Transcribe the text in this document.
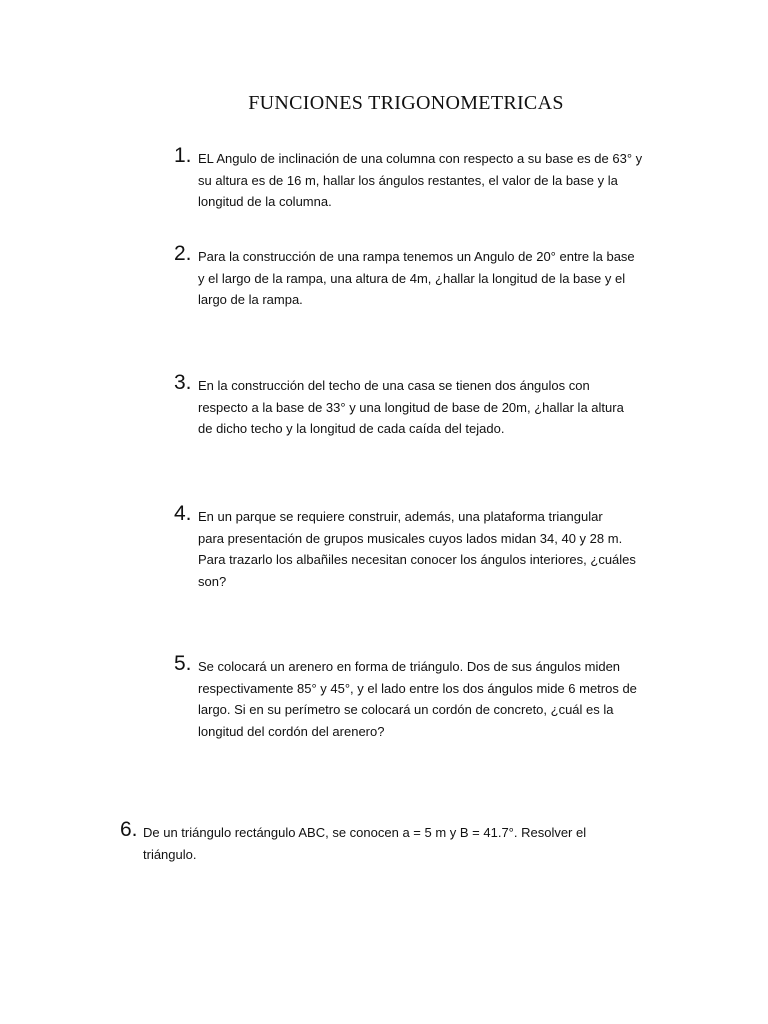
FUNCIONES TRIGONOMETRICAS
1. EL Angulo de inclinación de una columna con respecto a su base es de 63° y
su altura es de 16 m, hallar los ángulos restantes, el valor de la base y la
longitud de la columna.
2. Para la construcción de una rampa tenemos un Angulo de 20° entre la base
y el largo de la rampa, una altura de 4m, ¿hallar la longitud de la base y el
largo de la rampa.
3. En la construcción del techo de una casa se tienen dos ángulos con
respecto a la base de 33° y una longitud de base de 20m, ¿hallar la altura
de dicho techo y la longitud de cada caída del tejado.
4. En un parque se requiere construir, además, una plataforma triangular
para presentación de grupos musicales cuyos lados midan 34, 40 y 28 m.
Para trazarlo los albañiles necesitan conocer los ángulos interiores, ¿cuáles
son?
5. Se colocará un arenero en forma de triángulo. Dos de sus ángulos miden
respectivamente 85° y 45°, y el lado entre los dos ángulos mide 6 metros de
largo. Si en su perímetro se colocará un cordón de concreto, ¿cuál es la
longitud del cordón del arenero?
6. De un triángulo rectángulo ABC, se conocen a = 5 m y B = 41.7°. Resolver el
triángulo.
